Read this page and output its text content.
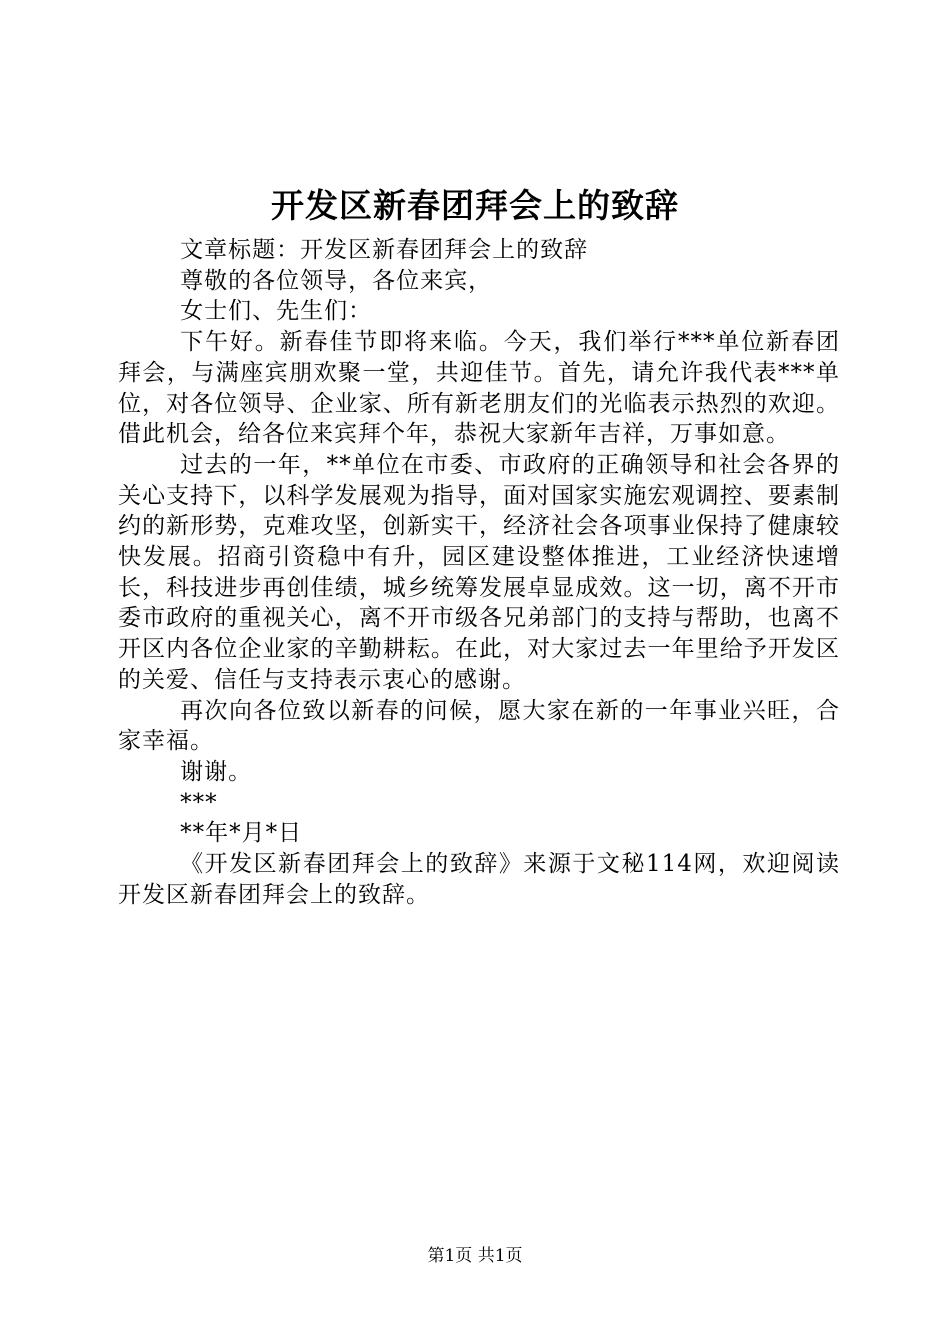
开发区新春团拜会上的致辞

文章标题：开发区新春团拜会上的致辞

尊敬的各位领导，各位来宾，

女士们、先生们：

下午好。新春佳节即将来临。今天，我们举行***单位新春团拜会，与满座宾朋欢聚一堂，共迎佳节。首先，请允许我代表***单位，对各位领导、企业家、所有新老朋友们的光临表示热烈的欢迎。借此机会，给各位来宾拜个年，恭祝大家新年吉祥，万事如意。

过去的一年，**单位在市委、市政府的正确领导和社会各界的关心支持下，以科学发展观为指导，面对国家实施宏观调控、要素制约的新形势，克难攻坚，创新实干，经济社会各项事业保持了健康较快发展。招商引资稳中有升，园区建设整体推进，工业经济快速增长，科技进步再创佳绩，城乡统筹发展卓显成效。这一切，离不开市委市政府的重视关心，离不开市级各兄弟部门的支持与帮助，也离不开区内各位企业家的辛勤耕耘。在此，对大家过去一年里给予开发区的关爱、信任与支持表示衷心的感谢。

再次向各位致以新春的问候，愿大家在新的一年事业兴旺，合家幸福。

谢谢。

***

**年*月*日

《开发区新春团拜会上的致辞》来源于文秘114网，欢迎阅读开发区新春团拜会上的致辞。

第1页 共1页
